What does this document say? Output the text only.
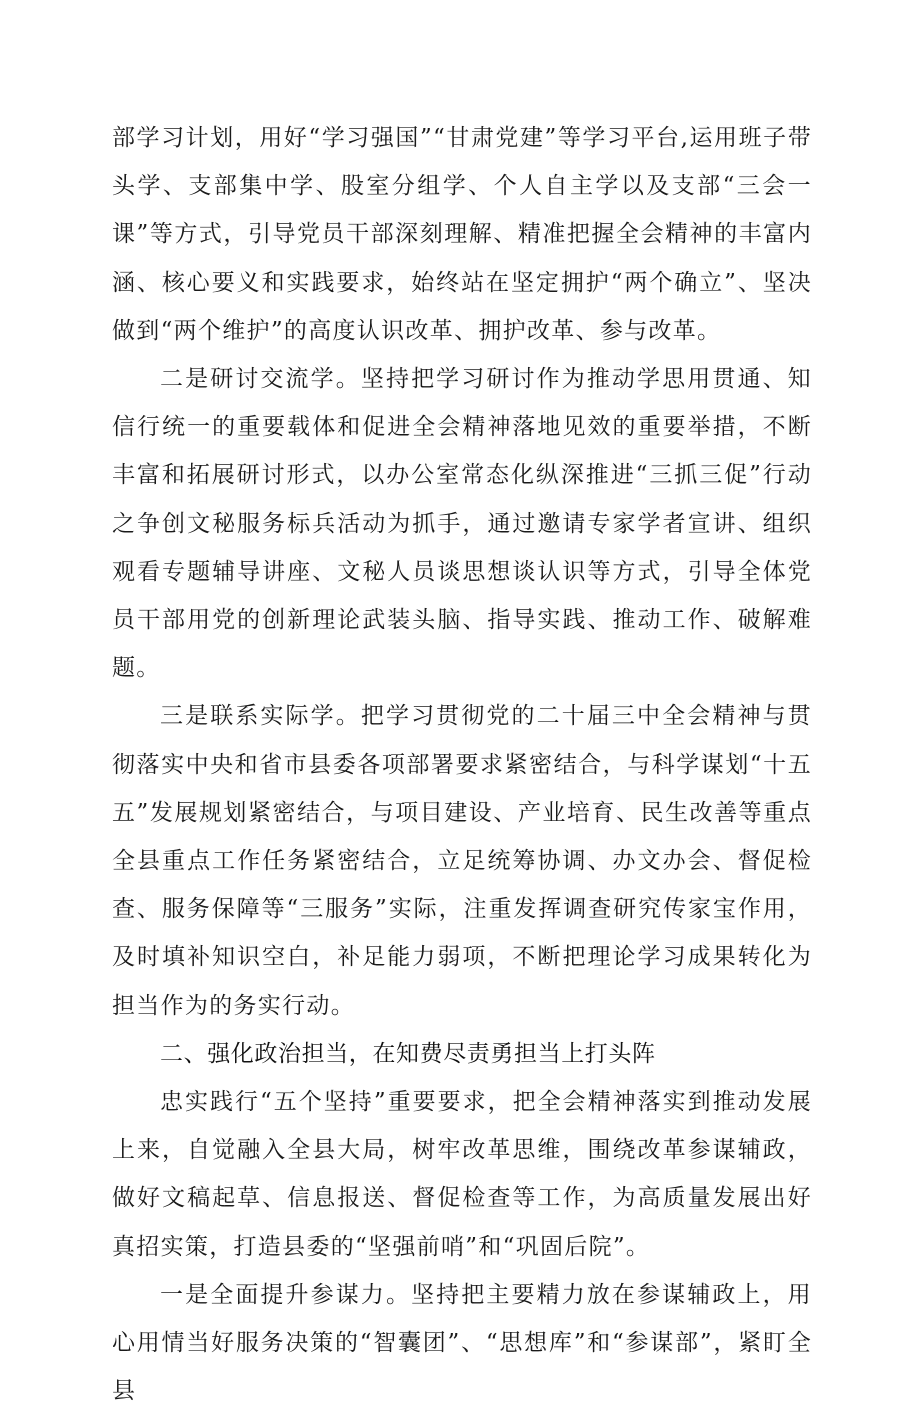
部学习计划，用好“学习强国”“甘肃党建”等学习平台,运用班子带头学、支部集中学、股室分组学、个人自主学以及支部“三会一课”等方式，引导党员干部深刻理解、精准把握全会精神的丰富内涵、核心要义和实践要求，始终站在坚定拥护“两个确立”、坚决做到“两个维护”的高度认识改革、拥护改革、参与改革。

二是研讨交流学。坚持把学习研讨作为推动学思用贯通、知信行统一的重要载体和促进全会精神落地见效的重要举措，不断丰富和拓展研讨形式，以办公室常态化纵深推进“三抓三促”行动之争创文秘服务标兵活动为抓手，通过邀请专家学者宣讲、组织观看专题辅导讲座、文秘人员谈思想谈认识等方式，引导全体党员干部用党的创新理论武装头脑、指导实践、推动工作、破解难题。

三是联系实际学。把学习贯彻党的二十届三中全会精神与贯彻落实中央和省市县委各项部署要求紧密结合，与科学谋划“十五五”发展规划紧密结合，与项目建设、产业培育、民生改善等重点全县重点工作任务紧密结合，立足统筹协调、办文办会、督促检查、服务保障等“三服务”实际，注重发挥调查研究传家宝作用，及时填补知识空白，补足能力弱项，不断把理论学习成果转化为担当作为的务实行动。

二、强化政治担当，在知费尽责勇担当上打头阵

忠实践行“五个坚持”重要要求，把全会精神落实到推动发展上来，自觉融入全县大局，树牢改革思维，围绕改革参谋辅政，做好文稿起草、信息报送、督促检查等工作，为高质量发展出好真招实策，打造县委的“坚强前哨”和“巩固后院”。

一是全面提升参谋力。坚持把主要精力放在参谋辅政上，用心用情当好服务决策的“智囊团”、“思想库”和“参谋部”，紧盯全县
